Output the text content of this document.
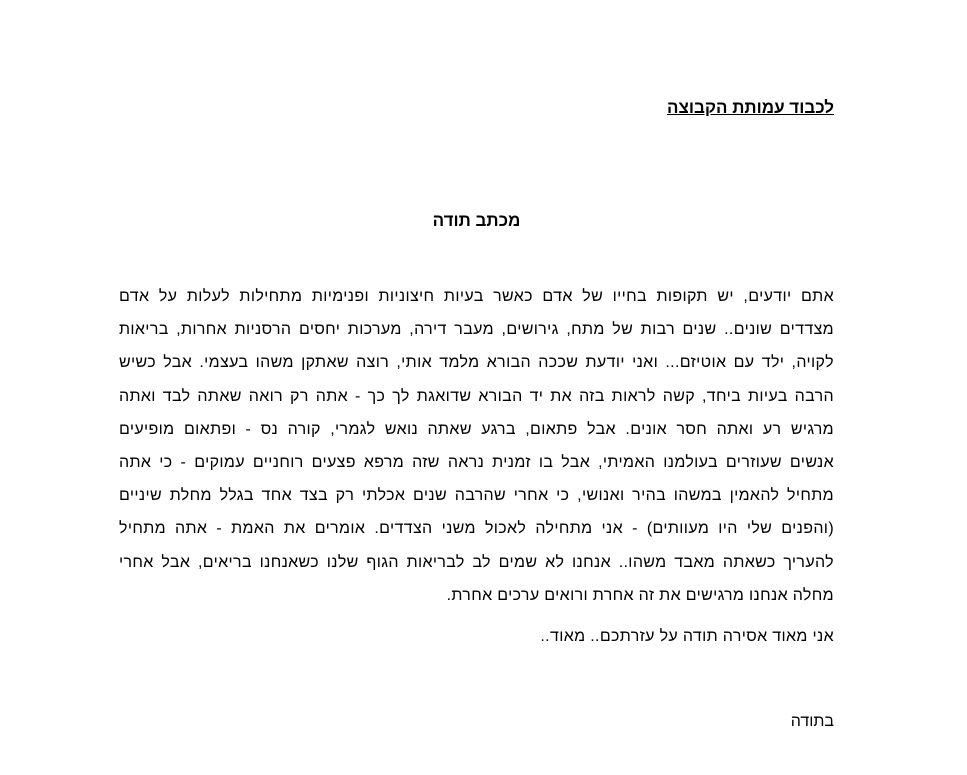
לכבוד עמותת הקבוצה
מכתב תודה
אתם יודעים, יש תקופות בחייו של אדם כאשר בעיות חיצוניות ופנימיות מתחילות לעלות על אדם
מצדדים שונים.. שנים רבות של מתח, גירושים, מעבר דירה, מערכות יחסים הרסניות אחרות, בריאות
לקויה, ילד עם אוטיזם... ואני יודעת שככה הבורא מלמד אותי, רוצה שאתקן משהו בעצמי. אבל כשיש
הרבה בעיות ביחד, קשה לראות בזה את יד הבורא שדואגת לך כך - אתה רק רואה שאתה לבד ואתה
מרגיש רע ואתה חסר אונים. אבל פתאום, ברגע שאתה נואש לגמרי, קורה נס - ופתאום מופיעים
אנשים שעוזרים בעולמנו האמיתי, אבל בו זמנית נראה שזה מרפא פצעים רוחניים עמוקים - כי אתה
מתחיל להאמין במשהו בהיר ואנושי, כי אחרי שהרבה שנים אכלתי רק בצד אחד בגלל מחלת שיניים
(והפנים שלי היו מעוותים) - אני מתחילה לאכול משני הצדדים. אומרים את האמת - אתה מתחיל
להעריך כשאתה מאבד משהו.. אנחנו לא שמים לב לבריאות הגוף שלנו כשאנחנו בריאים, אבל אחרי
מחלה אנחנו מרגישים את זה אחרת ורואים ערכים אחרת.
אני מאוד אסירה תודה על עזרתכם.. מאוד..
בתודה
